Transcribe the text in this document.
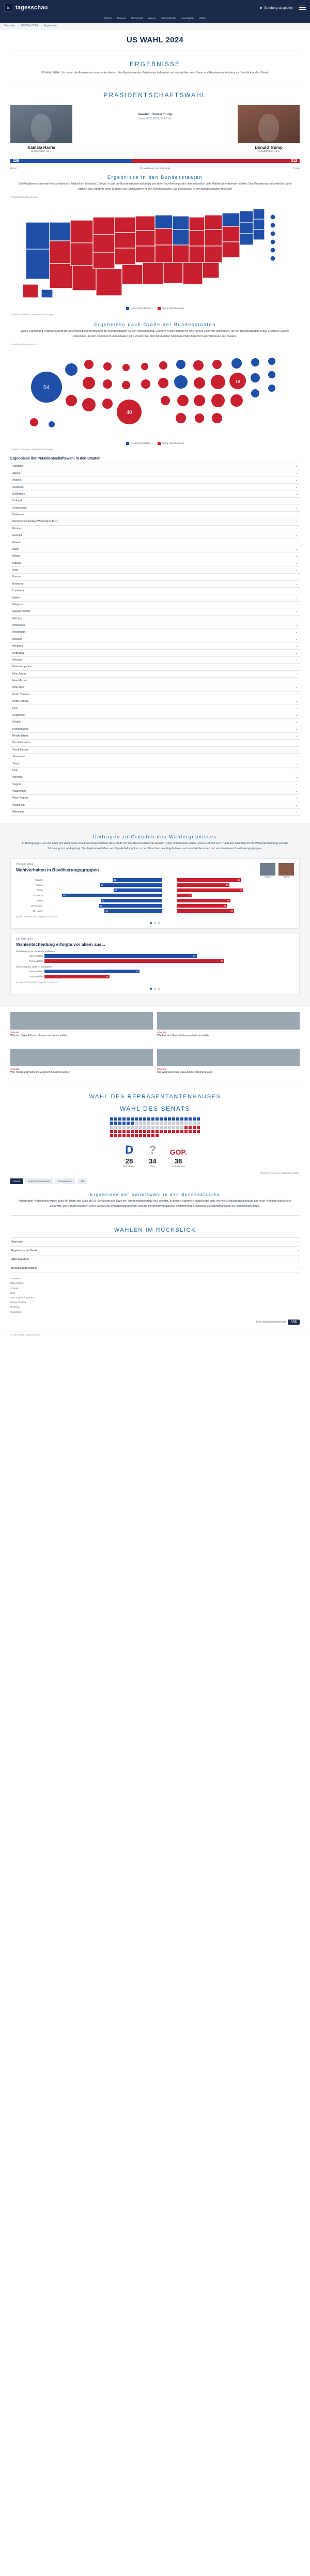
ts	tagesschau	▶ Sendung abspielen
Inland Ausland Wirtschaft Wissen Faktenfinder Investigativ Video
Startseite › US-Wahl 2024 › Ergebnisse
US WAHL 2024
ERGEBNISSE

US-Wahl 2024 - So haben die Amerikaner·innen entschieden: alle Ergebnisse der Präsidentschaftswahl und der Wahlen zum Senat und Repräsentantenhaus im Überblick und im Detail.

PRÄSIDENTSCHAFTSWAHL
Kamala Harris
Demokraten, 60 J.
Gewählt: Donald Trump
Stand: 06.11.2024, 14:25 Uhr
Donald Trump
Republikaner, 78 J.
226	312
Harris	270 Wahlleute zum Sieg nötig	Trump
Ergebnisse in den Bundesstaaten

Die Präsidentschaftswahl entscheidet sich letztlich im Electoral College. In das die Bundesstaaten abhängig von ihrer Bevölkerungszahl unterschiedlich viele Wahlleute entsenden dürfen. Das Präsidentschaftswahl ist damit letztlich das Ergebnis einer Summe von Einzelwahlen in den Bundesstaaten. Die Ergebnisse in den Bundesstaaten im Detail:

Präsidentschaftswahl 2024
Harris (Demokraten)	Trump (Republikaner)
Quelle: AP/Reuters, eigene Berechnungen
Ergebnisse nach Größe der Bundesstaaten

Diese Darstellung veranschaulicht die unterschiedliche Bedeutung der Bundesstaaten für den Wahlausgang. Größere Kreise stehen für eine höhere Zahl von Wahlleuten, die der Bundesstaaten in das Electoral College entsenden. In dem einzelnen Bundesstaaten gilt zumeist: Wer dort die meisten Stimmen erhält, bekommt alle Wahlleute des Staates.

Präsidentschaftswahl 2024
54
40
19
Harris (Demokraten)	Trump (Republikaner)
Quelle: AP/Reuters, eigene Berechnungen
Ergebnisse der Präsidentschaftswahl in den Staaten
Alabama	⌄
Alaska	⌄
Arizona	⌄
Arkansas	⌄
Kalifornien	⌄
Colorado	⌄
Connecticut	⌄
Delaware	⌄
District of Columbia (Washington D.C.)	⌄
Florida	⌄
Georgia	⌄
Hawaii	⌄
Idaho	⌄
Illinois	⌄
Indiana	⌄
Iowa	⌄
Kansas	⌄
Kentucky	⌄
Louisiana	⌄
Maine	⌄
Maryland	⌄
Massachusetts	⌄
Michigan	⌄
Minnesota	⌄
Mississippi	⌄
Missouri	⌄
Montana	⌄
Nebraska	⌄
Nevada	⌄
New Hampshire	⌄
New Jersey	⌄
New Mexico	⌄
New York	⌄
North Carolina	⌄
North Dakota	⌄
Ohio	⌄
Oklahoma	⌄
Oregon	⌄
Pennsylvania	⌄
Rhode Island	⌄
South Carolina	⌄
South Dakota	⌄
Tennessee	⌄
Texas	⌄
Utah	⌄
Vermont	⌄
Virginia	⌄
Washington	⌄
West Virginia	⌄
Wisconsin	⌄
Wyoming	⌄
Umfragen zu Gründen des Wahlergebnisses

In Befragungen vor und nach der Wahl haben US-Forschungsinstitute die Gründe für das Abschneiden von Donald Trump und Kamala Harris untersucht und auch nach den Gründen für die Wahlentscheidung und die Stimmung im Land gefragt. Die Ergebnisse liefern wichtige Anhaltspunkte zu den Ursachen des Ergebnisses und zum Wähler·innen der verschiedenen Bevölkerungsgruppen.

US-Wahl 2024
Wahlverhalten in Bevölkerungsgruppen
Harris	Trump
Männer	42	55
Frauen	53	45
Weiße	41	57
Schwarze	85	13
Latinos	52	46
18-29 Jahre	54	43
65+ Jahre	49	49
Quelle: AP VoteCast, Angaben in Prozent
US-Wahl 2024
Wahlentscheidung erfolgte vor allem aus...
Überzeugung von meinem Kandidaten
Harris-Wähler	61
Trump-Wähler	72
Ablehnung des anderen Kandidaten
Harris-Wähler	38
Trump-Wähler	26
Quelle: AP VoteCast, Angaben in Prozent
Infografik
Wie die USA auf Trump blicken und wie ihr wählte
Infografik
Wie hat sich Harris blicken und wie sie wählte
Infografik
Wie Trump und Harris im Vergleich bewertet werden
Infografik
Die Wahl zwischen USA und die Stimmung zeigt
WAHL DES REPRÄSENTANTENHAUSES
WAHL DES SENATS
D
28
Demokraten
?
34
offen
GOP.
38
Republikaner
Quelle: AP/Reuters, Stand 06.11.2024
Senat	Repräsentantenhaus	Gouverneure	Alle
Ergebnisse der Senatswahl in den Bundesstaaten

Neben dem Präsidenten wurde auch ein Drittel der Sitze im US-Senat und alle Sitze im Repräsentantenhaus neu gewählt. In beiden Kammern entscheidet sich, wie viel Gestaltungsspielraum der neue Präsident tatsächlich bekommt. Die Kongresswahlen liefen parallel zur Präsidentschaftswahl und die Mehrheitsverhältnisse bestimmen die politische Handlungsfähigkeit der kommenden Jahre.

WAHLEN IM RÜCKBLICK
Startseite	›
Ergebnisse im Detail	›
ARD-Ergebnis	›
Bundesländerwahlen	›
Impressum
Datenschutz
Kontakt
Hilfe
Nutzungsbedingungen
Barrierefreiheit
Werbung
Mediathek
Eine Nachrichtenseite der	ARD
© ARD-aktuell / tagesschau.de
